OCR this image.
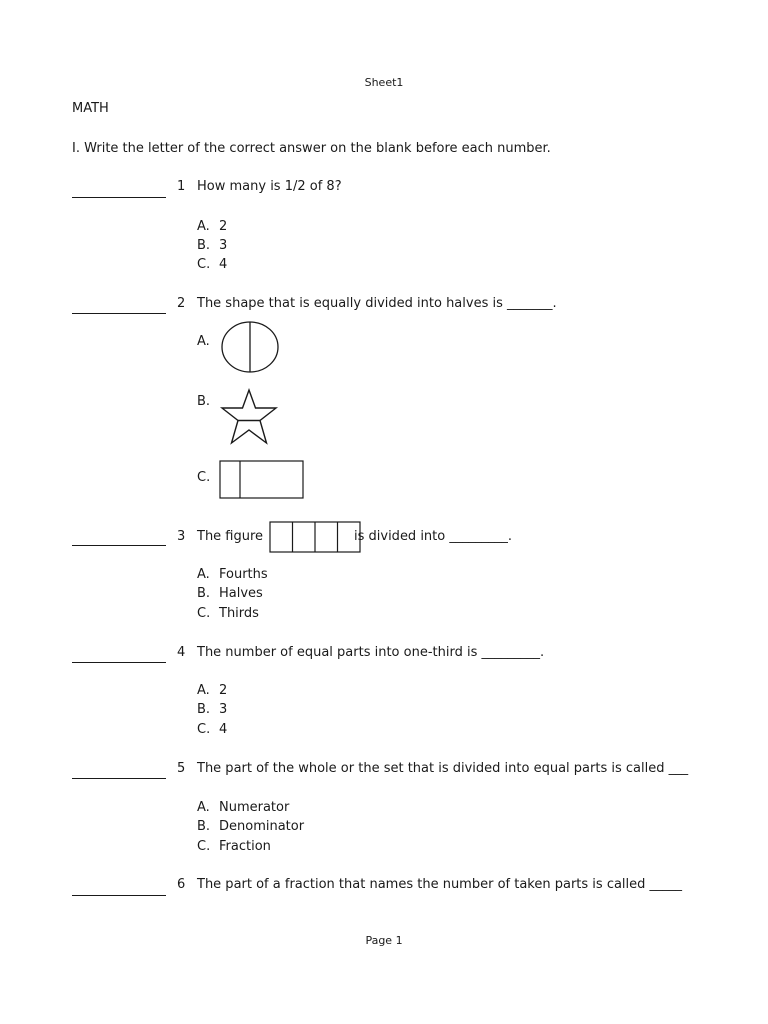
Sheet1
MATH
I. Write the letter of the correct answer on the blank before each number.
1 How many is 1/2 of 8?
A. 2
B. 3
C. 4
2 The shape that is equally divided into halves is _______.
A.
B.
C.
3 The figure	is divided into _________.
A. Fourths
B. Halves
C. Thirds
4 The number of equal parts into one-third is _________.
A. 2
B. 3
C. 4
5 The part of the whole or the set that is divided into equal parts is called ___
A. Numerator
B. Denominator
C. Fraction
6 The part of a fraction that names the number of taken parts is called _____
Page 1
